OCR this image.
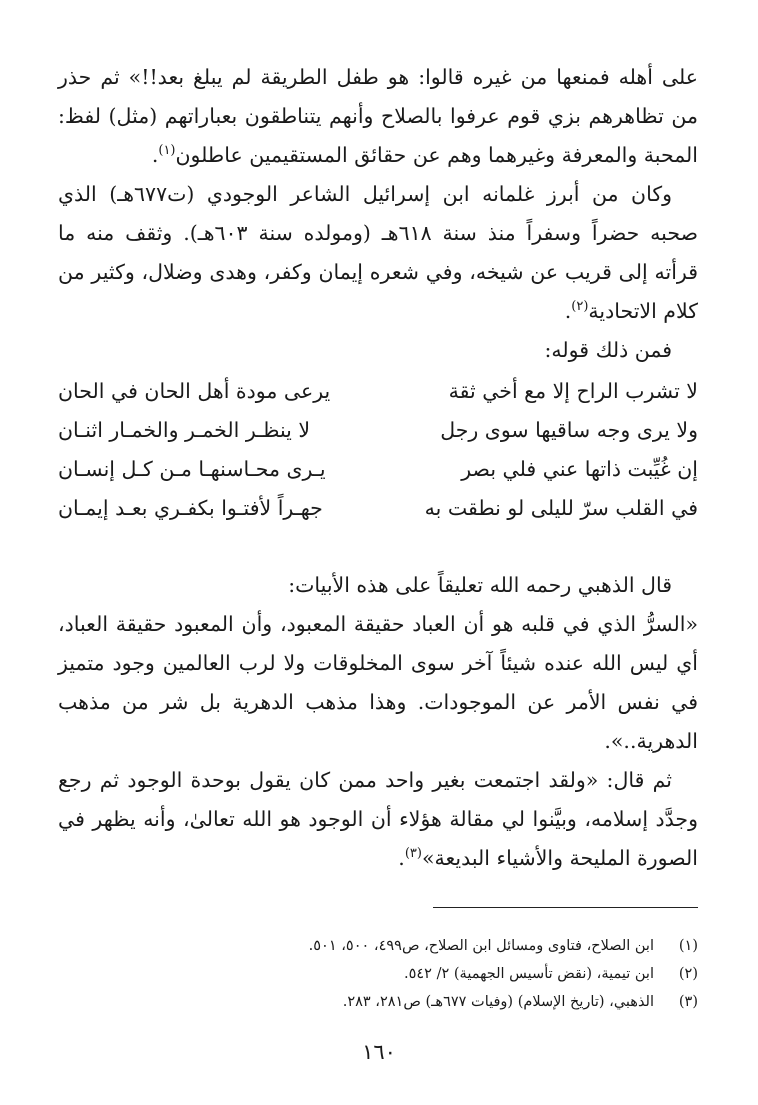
على أهله فمنعها من غيره قالوا: هو طفل الطريقة لم يبلغ بعد!!» ثم حذر من تظاهرهم بزي قوم عرفوا بالصلاح وأنهم يتناطقون بعباراتهم (مثل) لفظ: المحبة والمعرفة وغيرهما وهم عن حقائق المستقيمين عاطلون$^{(١)}$.

وكان من أبرز غلمانه ابن إسرائيل الشاعر الوجودي (ت٦٧٧هـ) الذي صحبه حضراً وسفراً منذ سنة ٦١٨هـ (ومولده سنة ٦٠٣هـ). وثقف منه ما قرأته إلى قريب عن شيخه، وفي شعره إيمان وكفر، وهدى وضلال، وكثير من كلام الاتحادية$^{(٢)}$.

فمن ذلك قوله:

لا تشرب الراح إلا مع أخي ثقة
يرعى مودة أهل الحان في الحان
ولا يرى وجه ساقيها سوى رجل
لا ينظـر الخمـر والخمـار اثنـان
إن غُيِّبت ذاتها عني فلي بصر
يـرى محـاسنهـا مـن كـل إنسـان
في القلب سرّ لليلى لو نطقت به
جهـراً لأفتـوا بكفـري بعـد إيمـان

قال الذهبي رحمه الله تعليقاً على هذه الأبيات:

«السرُّ الذي في قلبه هو أن العباد حقيقة المعبود، وأن المعبود حقيقة العباد، أي ليس الله عنده شيئاً آخر سوى المخلوقات ولا لرب العالمين وجود متميز في نفس الأمر عن الموجودات. وهذا مذهب الدهرية بل شر من مذهب الدهرية..».

ثم قال: «ولقد اجتمعت بغير واحد ممن كان يقول بوحدة الوجود ثم رجع وجدَّد إسلامه، وبيَّنوا لي مقالة هؤلاء أن الوجود هو الله تعالىٰ، وأنه يظهر في الصورة المليحة والأشياء البديعة»$^{(٣)}$.

(١)
ابن الصلاح، فتاوى ومسائل ابن الصلاح، ص٤٩٩، ٥٠٠، ٥٠١.
(٢)
ابن تيمية، (نقض تأسيس الجهمية) ٢/ ٥٤٢.
(٣)
الذهبي، (تاريخ الإسلام) (وفيات ٦٧٧هـ) ص٢٨١، ٢٨٣.
١٦٠
